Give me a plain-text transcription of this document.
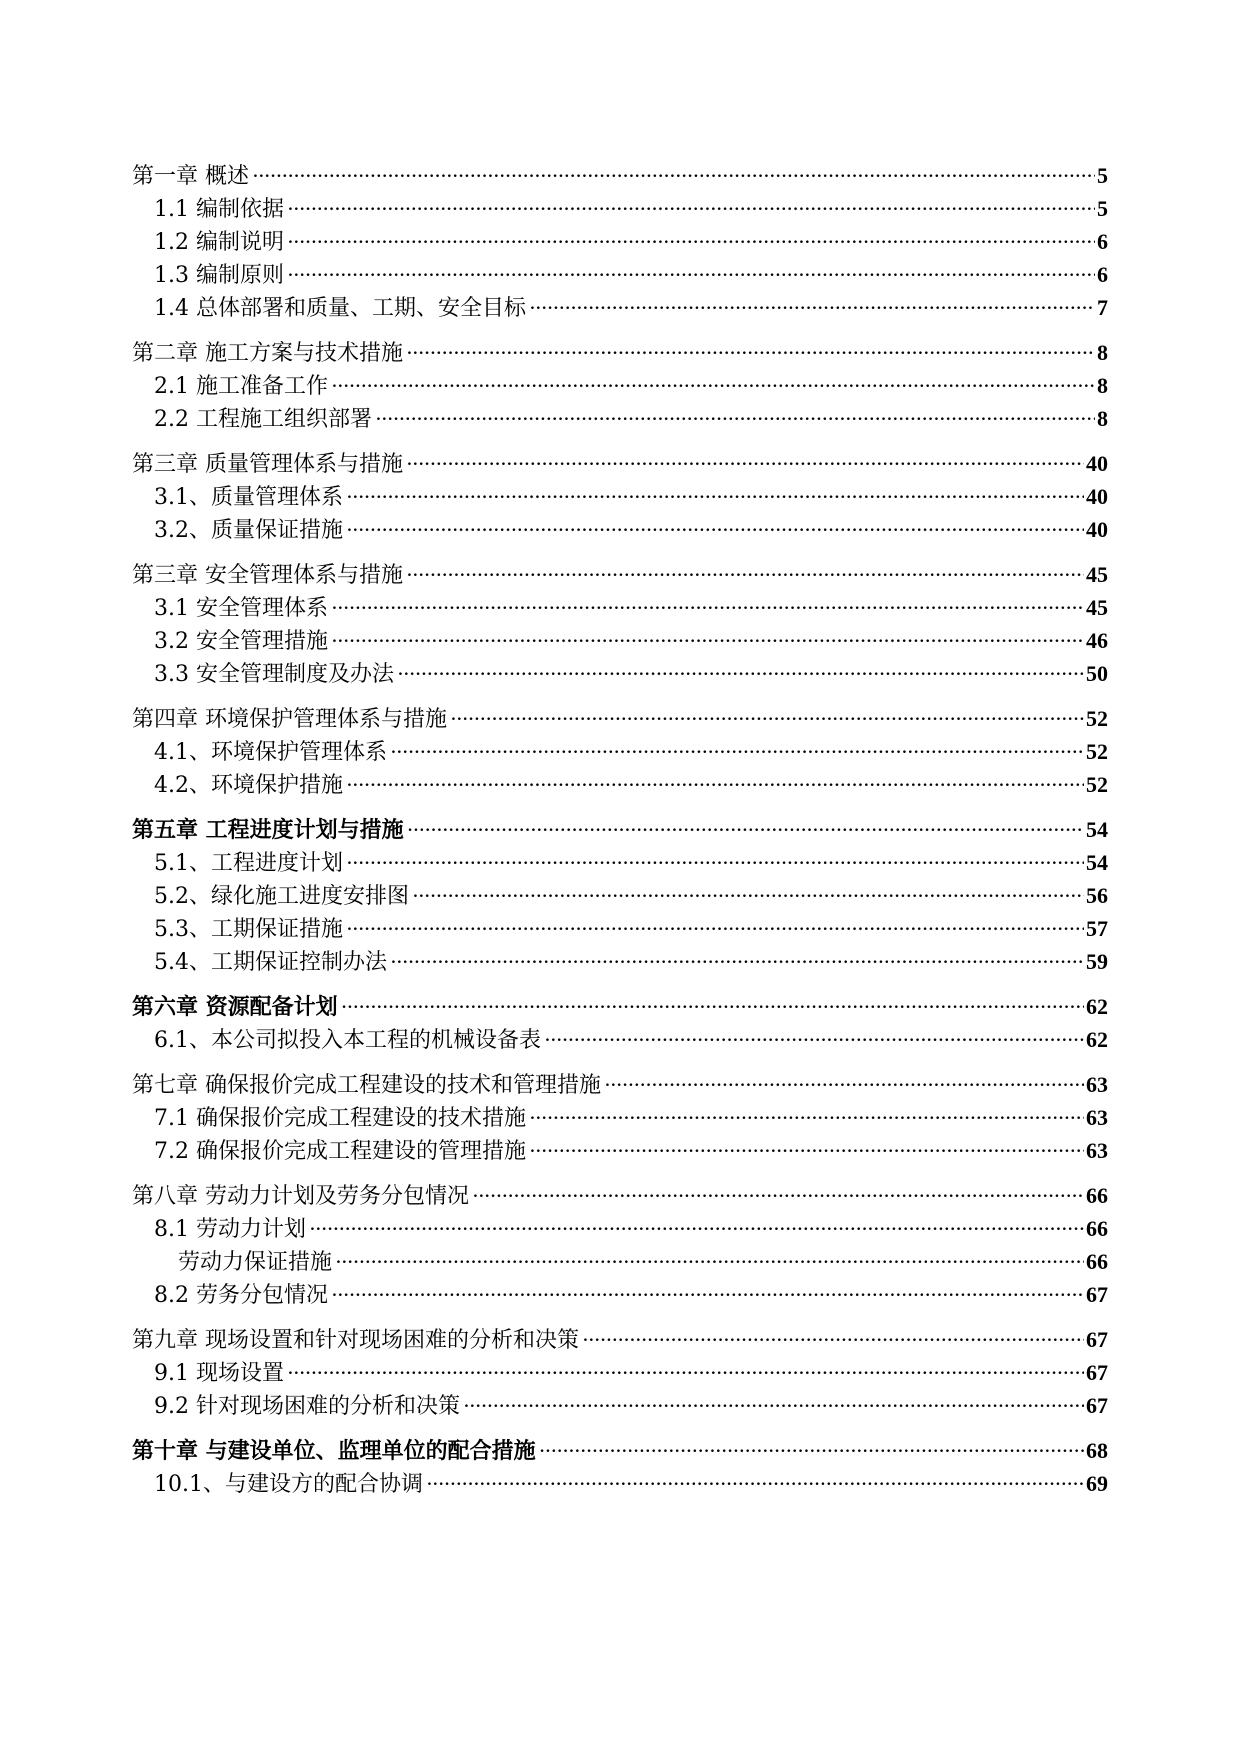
第一章 概述 .....	5
1.1 编制依据 .....	5
1.2 编制说明 .....	6
1.3 编制原则 .....	6
1.4 总体部署和质量、工期、安全目标 .....	7
第二章 施工方案与技术措施 .....	8
2.1 施工准备工作 .....	8
2.2 工程施工组织部署 .....	8
第三章 质量管理体系与措施 .....	40
3.1、质量管理体系 .....	40
3.2、质量保证措施 .....	40
第三章 安全管理体系与措施 .....	45
3.1 安全管理体系 .....	45
3.2 安全管理措施 .....	46
3.3 安全管理制度及办法 .....	50
第四章 环境保护管理体系与措施 .....	52
4.1、环境保护管理体系 .....	52
4.2、环境保护措施 .....	52
第五章 工程进度计划与措施 .....	54
5.1、工程进度计划 .....	54
5.2、绿化施工进度安排图 .....	56
5.3、工期保证措施 .....	57
5.4、工期保证控制办法 .....	59
第六章 资源配备计划 .....	62
6.1、本公司拟投入本工程的机械设备表 .....	62
第七章 确保报价完成工程建设的技术和管理措施 .....	63
7.1 确保报价完成工程建设的技术措施 .....	63
7.2 确保报价完成工程建设的管理措施 .....	63
第八章 劳动力计划及劳务分包情况 .....	66
8.1 劳动力计划 .....	66
劳动力保证措施 .....	66
8.2 劳务分包情况 .....	67
第九章 现场设置和针对现场困难的分析和决策 .....	67
9.1 现场设置 .....	67
9.2 针对现场困难的分析和决策 .....	67
第十章 与建设单位、监理单位的配合措施 .....	68
10.1、与建设方的配合协调 .....	69
